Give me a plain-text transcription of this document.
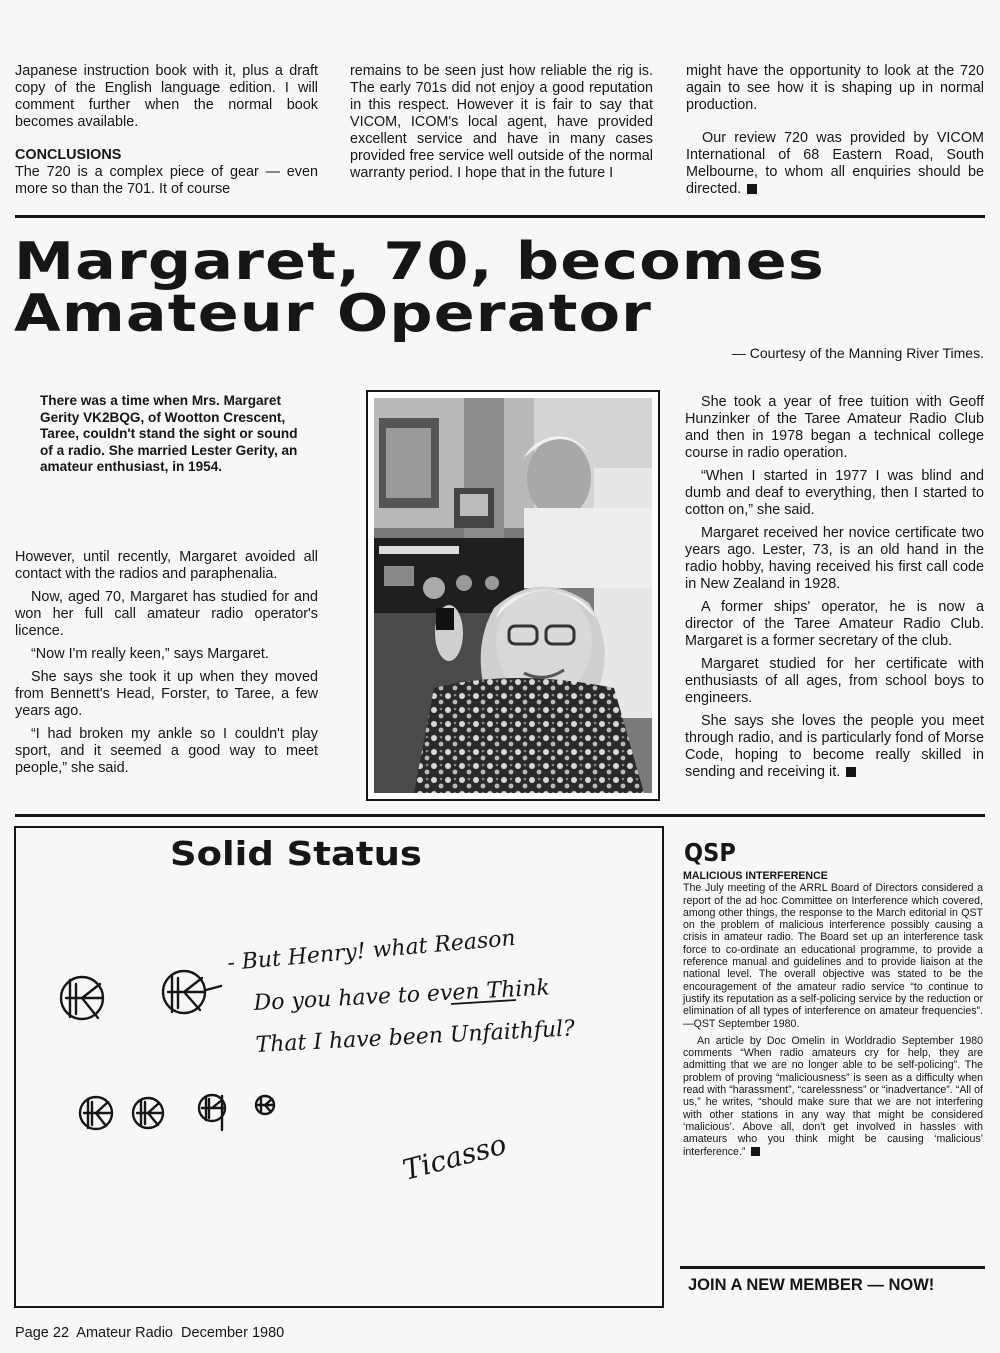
Japanese instruction book with it, plus a draft copy of the English language edition. I will comment further when the normal book becomes available.

CONCLUSIONS

The 720 is a complex piece of gear — even more so than the 701. It of course

remains to be seen just how reliable the rig is. The early 701s did not enjoy a good reputation in this respect. However it is fair to say that VICOM, ICOM's local agent, have provided excellent service and have in many cases provided free service well outside of the normal warranty period. I hope that in the future I

might have the opportunity to look at the 720 again to see how it is shaping up in normal production.

Our review 720 was provided by VICOM International of 68 Eastern Road, South Melbourne, to whom all enquiries should be directed.

Margaret, 70, becomes
Amateur Operator
— Courtesy of the Manning River Times.
There was a time when Mrs. Margaret Gerity VK2BQG, of Wootton Crescent, Taree, couldn't stand the sight or sound of a radio. She married Lester Gerity, an amateur enthusiast, in 1954.

However, until recently, Margaret avoided all contact with the radios and paraphenalia.

Now, aged 70, Margaret has studied for and won her full call amateur radio operator's licence.

“Now I'm really keen,” says Margaret.

She says she took it up when they moved from Bennett's Head, Forster, to Taree, a few years ago.

“I had broken my ankle so I couldn't play sport, and it seemed a good way to meet people,” she said.

She took a year of free tuition with Geoff Hunzinker of the Taree Amateur Radio Club and then in 1978 began a technical college course in radio operation.

“When I started in 1977 I was blind and dumb and deaf to everything, then I started to cotton on,” she said.

Margaret received her novice certificate two years ago. Lester, 73, is an old hand in the radio hobby, having received his first call code in New Zealand in 1928.

A former ships' operator, he is now a director of the Taree Amateur Radio Club. Margaret is a former secretary of the club.

Margaret studied for her certificate with enthusiasts of all ages, from school boys to engineers.

She says she loves the people you meet through radio, and is particularly fond of Morse Code, hoping to become really skilled in sending and receiving it.

Solid Status
- But Henry! what Reason
Do you have to even Think
That I have been Unfaithful?
Ticasso
QSP

MALICIOUS INTERFERENCE

The July meeting of the ARRL Board of Directors considered a report of the ad hoc Committee on Interference which covered, among other things, the response to the March editorial in QST on the problem of malicious interference possibly causing a crisis in amateur radio. The Board set up an interference task force to co-ordinate an educational programme, to provide a reference manual and guidelines and to provide liaison at the national level. The overall objective was stated to be the encouragement of the amateur radio service “to continue to justify its reputation as a self-policing service by the reduction or elimination of all types of interference on amateur frequencies”.—QST September 1980.

An article by Doc Omelin in Worldradio September 1980 comments “When radio amateurs cry for help, they are admitting that we are no longer able to be self-policing”. The problem of proving “maliciousness” is seen as a difficulty when read with “harassment”, “carelessness” or “inadvertance”. “All of us,” he writes, “should make sure that we are not interfering with other stations in any way that might be considered ‘malicious’. Above all, don't get involved in hassles with amateurs who you think might be causing ‘malicious’ interference.”

JOIN A NEW MEMBER — NOW!
Page 22  Amateur Radio  December 1980
